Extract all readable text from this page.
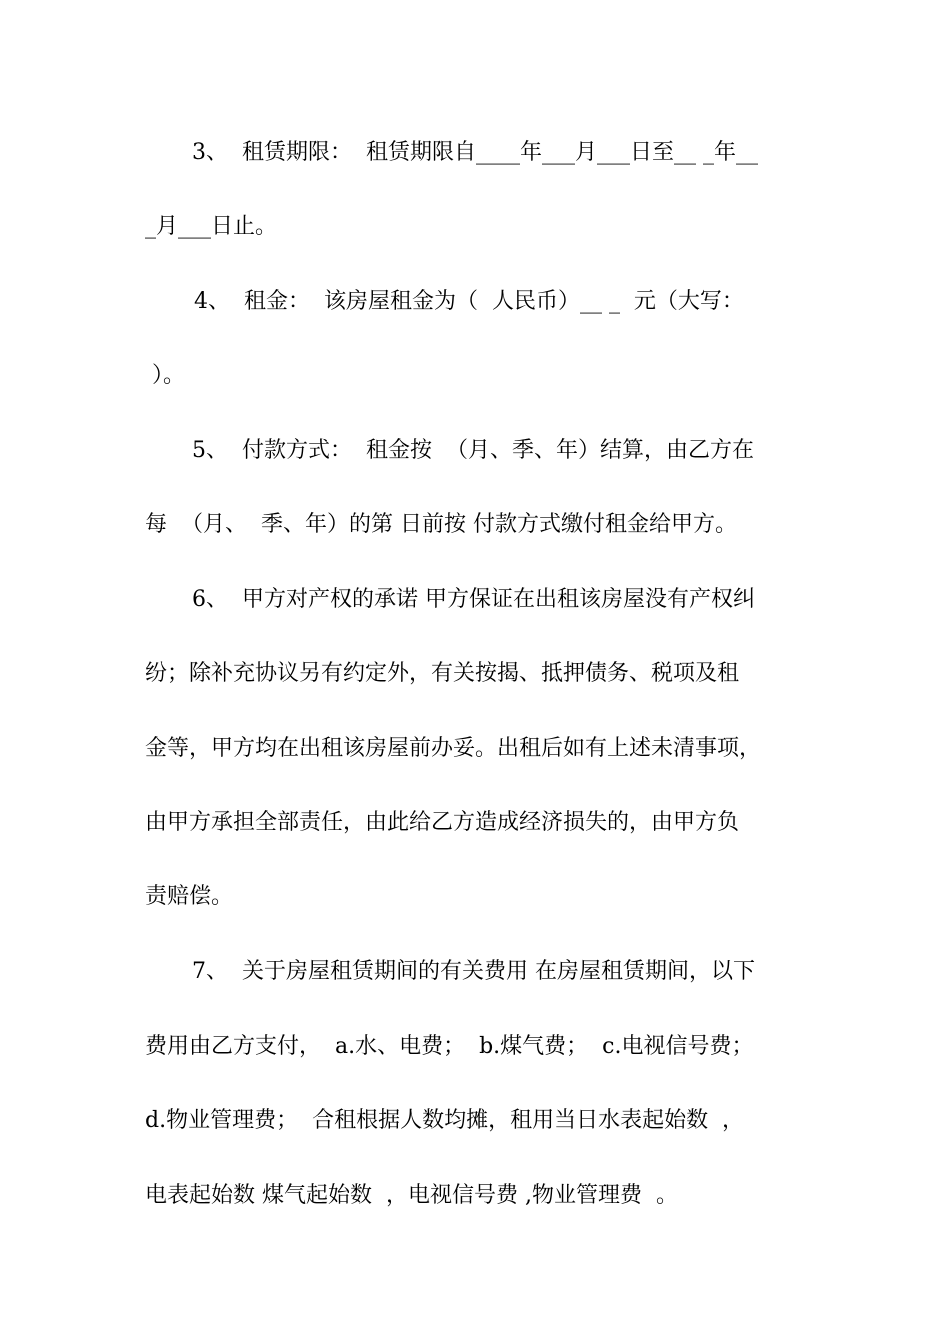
3、  租赁期限：  租赁期限自____年___月___日至__ _年__
_月___日止。
4、  租金：  该房屋租金为（  人民币）__ _  元（大写：
）。
5、  付款方式：  租金按  （月、季、年）结算，由乙方在
每  （月、  季、年）的第 日前按 付款方式缴付租金给甲方。
6、  甲方对产权的承诺 甲方保证在出租该房屋没有产权纠
纷；除补充协议另有约定外，有关按揭、抵押债务、税项及租
金等，甲方均在出租该房屋前办妥。出租后如有上述未清事项，
由甲方承担全部责任，由此给乙方造成经济损失的，由甲方负
责赔偿。
7、  关于房屋租赁期间的有关费用 在房屋租赁期间，以下
费用由乙方支付，  a.水、电费；  b.煤气费；  c.电视信号费；
d.物业管理费；  合租根据人数均摊，租用当日水表起始数  ，
电表起始数 煤气起始数  ，电视信号费 ,物业管理费  。
